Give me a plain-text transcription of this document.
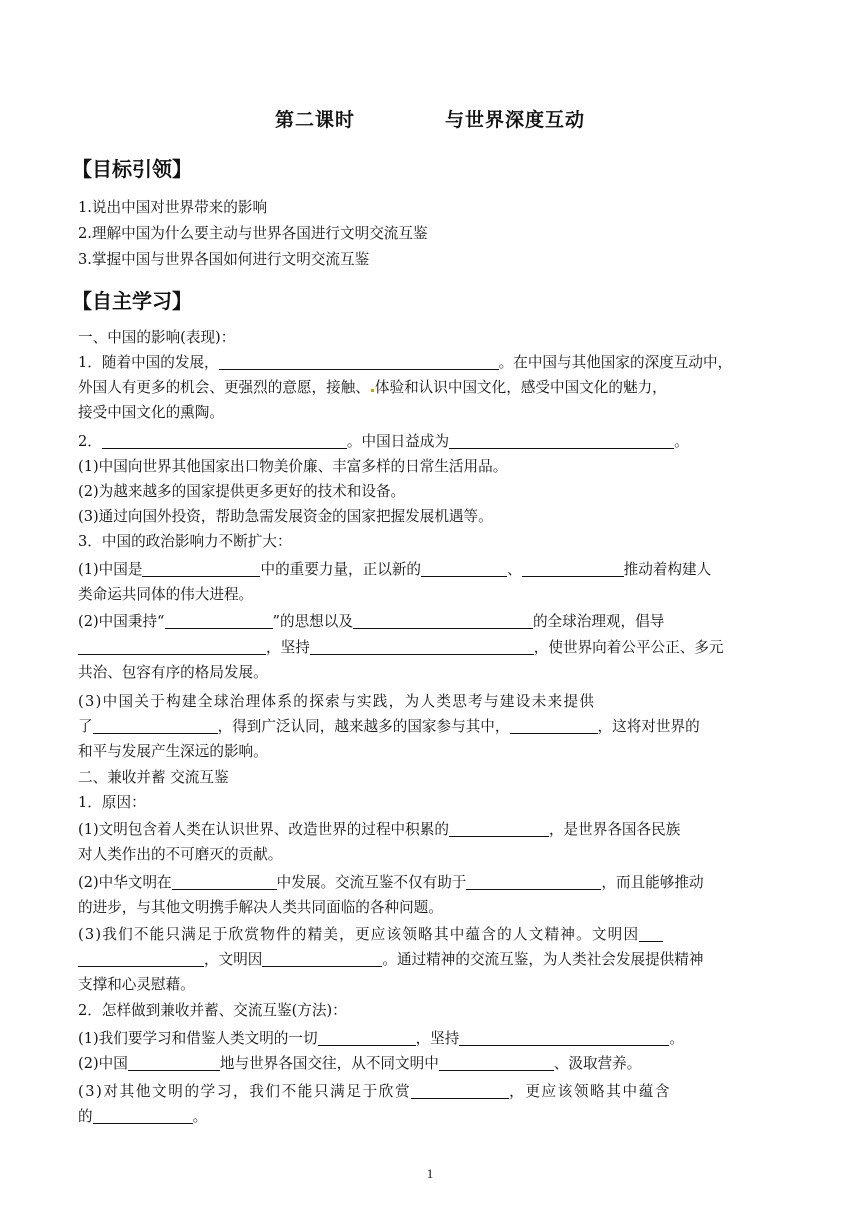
第二课时	与世界深度互动
【目标引领】
1.说出中国对世界带来的影响
2.理解中国为什么要主动与世界各国进行文明交流互鉴
3.掌握中国与世界各国如何进行文明交流互鉴
【自主学习】
一、中国的影响(表现)：
1．随着中国的发展，	。在中国与其他国家的深度互动中，
外国人有更多的机会、更强烈的意愿，接触、 体验和认识中国文化，感受中国文化的魅力，
接受中国文化的熏陶。
2．	。中国日益成为	。
(1)中国向世界其他国家出口物美价廉、丰富多样的日常生活用品。
(2)为越来越多的国家提供更多更好的技术和设备。
(3)通过向国外投资，帮助急需发展资金的国家把握发展机遇等。
3．中国的政治影响力不断扩大：
(1)中国是	中的重要力量，正以新的	、	推动着构建人
类命运共同体的伟大进程。
(2)中国秉持“	”的思想以及	的全球治理观，倡导
，坚持	，使世界向着公平公正、多元
共治、包容有序的格局发展。
(3)中国关于构建全球治理体系的探索与实践，为人类思考与建设未来提供
了	，得到广泛认同，越来越多的国家参与其中，	，这将对世界的
和平与发展产生深远的影响。
二、兼收并蓄 交流互鉴
1．原因：
(1)文明包含着人类在认识世界、改造世界的过程中积累的	，是世界各国各民族
对人类作出的不可磨灭的贡献。
(2)中华文明在	中发展。交流互鉴不仅有助于	，而且能够推动
的进步，与其他文明携手解决人类共同面临的各种问题。
(3)我们不能只满足于欣赏物件的精美，更应该领略其中蕴含的人文精神。文明因
，文明因	。通过精神的交流互鉴，为人类社会发展提供精神
支撑和心灵慰藉。
2．怎样做到兼收并蓄、交流互鉴(方法)：
(1)我们要学习和借鉴人类文明的一切	，坚持	。
(2)中国	地与世界各国交往，从不同文明中	、汲取营养。
(3)对其他文明的学习，我们不能只满足于欣赏	，更应该领略其中蕴含
的	。
1
